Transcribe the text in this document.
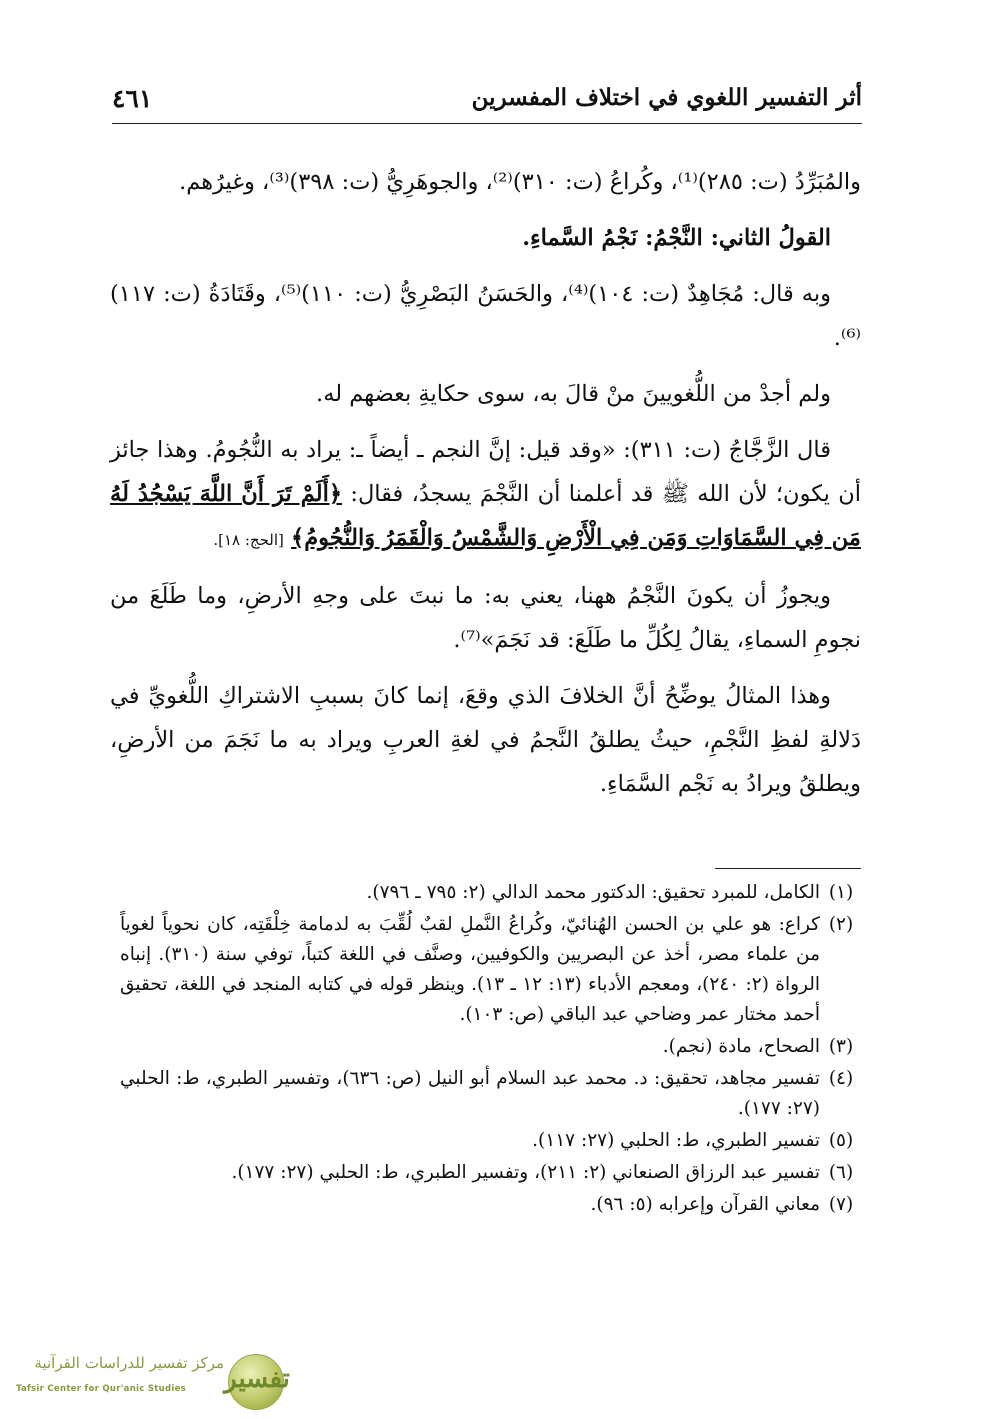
أثر التفسير اللغوي في اختلاف المفسرين
٤٦١

والمُبَرِّدُ (ت: ٢٨٥)⁽¹⁾، وكُراعُ (ت: ٣١٠)⁽²⁾، والجوهَرِيُّ (ت: ٣٩٨)⁽³⁾، وغيرُهم.

القولُ الثاني: النَّجْمُ: نَجْمُ السَّماءِ.

وبه قال: مُجَاهِدٌ (ت: ١٠٤)⁽⁴⁾، والحَسَنُ البَصْرِيُّ (ت: ١١٠)⁽⁵⁾، وقَتَادَةُ (ت: ١١٧)⁽⁶⁾.

ولم أجدْ من اللُّغويينَ منْ قالَ به، سوى حكايةِ بعضهم له.

قال الزَّجَّاجُ (ت: ٣١١): «وقد قيل: إنَّ النجم ـ أيضاً ـ: يراد به النُّجُومُ. وهذا جائز أن يكون؛ لأن الله ﷺ قد أعلمنا أن النَّجْمَ يسجدُ، فقال: ﴿أَلَمْ تَرَ أَنَّ اللَّهَ يَسْجُدُ لَهُ مَن فِي السَّمَاوَاتِ وَمَن فِي الْأَرْضِ وَالشَّمْسُ وَالْقَمَرُ وَالنُّجُومُ﴾ [الحج: ١٨].

ويجوزُ أن يكونَ النَّجْمُ ههنا، يعني به: ما نبتَ على وجهِ الأرضِ، وما طَلَعَ من نجومِ السماءِ، يقالُ لِكُلِّ ما طَلَعَ: قد نَجَمَ»⁽⁷⁾.

وهذا المثالُ يوضِّحُ أنَّ الخلافَ الذي وقعَ، إنما كانَ بسببِ الاشتراكِ اللُّغويِّ في دَلالةِ لفظِ النَّجْمِ، حيثُ يطلقُ النَّجمُ في لغةِ العربِ ويراد به ما نَجَمَ من الأرضِ، ويطلقُ ويرادُ به نَجْم السَّمَاءِ.

(١)
الكامل، للمبرد تحقيق: الدكتور محمد الدالي (٢: ٧٩٥ ـ ٧٩٦).
(٢)
كراع: هو علي بن الحسن الهُنائيّ، وكُراعُ النَّملِ لقبٌ لُقِّبَ به لدمامة خِلْقَتِه، كان نحوياً لغوياً من علماء مصر، أخذ عن البصريين والكوفيين، وصنَّف في اللغة كتباً، توفي سنة (٣١٠). إنباه الرواة (٢: ٢٤٠)، ومعجم الأدباء (١٣: ١٢ ـ ١٣). وينظر قوله في كتابه المنجد في اللغة، تحقيق أحمد مختار عمر وضاحي عبد الباقي (ص: ١٠٣).
(٣)
الصحاح، مادة (نجم).
(٤)
تفسير مجاهد، تحقيق: د. محمد عبد السلام أبو النيل (ص: ٦٣٦)، وتفسير الطبري، ط: الحلبي (٢٧: ١٧٧).
(٥)
تفسير الطبري، ط: الحلبي (٢٧: ١١٧).
(٦)
تفسير عبد الرزاق الصنعاني (٢: ٢١١)، وتفسير الطبري، ط: الحلبي (٢٧: ١٧٧).
(٧)
معاني القرآن وإعرابه (٥: ٩٦).
تفسير
مركز تفسير للدراسات القرآنية
Tafsir Center for Qur'anic Studies
